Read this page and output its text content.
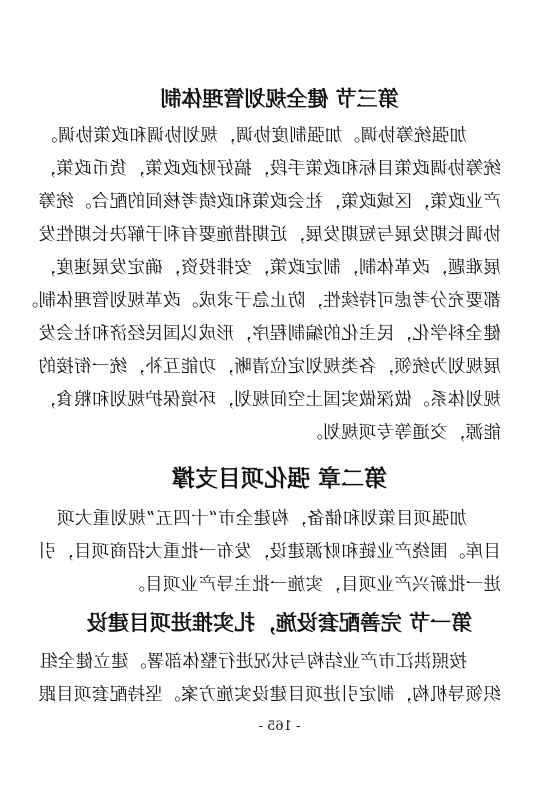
第三节 健全规划管理体制
加强统筹协调。加强制度协调，规划协调和政策协调。
统筹协调政策目标和政策手段，搞好财政政策，货币政策，
产业政策，区域政策，社会政策和政绩考核间的配合。统筹
协调长期发展与短期发展，近期措施要有利于解决长期性发
展难题，改革体制，制定政策，安排投资，确定发展速度，
都要充分考虑可持续性，防止急于求成。改革规划管理体制。
健全科学化，民主化的编制程序，形成以国民经济和社会发
展规划为统领，各类规划定位清晰，功能互补，统一衔接的
规划体系。做深做实国土空间规划，环境保护规划和粮食，
能源，交通等专项规划。
第二章 强化项目支撑
加强项目策划和储备，构建全市“十四五”规划重大项
目库。围绕产业链和财源建设，发布一批重大招商项目，引
进一批新兴产业项目，实施一批主导产业项目。
第一节 完善配套设施，扎实推进项目建设
按照洪江市产业结构与状况进行整体部署。建立健全组
织领导机构，制定引进项目建设实施方案。坚持配套项目跟
- 165 -
